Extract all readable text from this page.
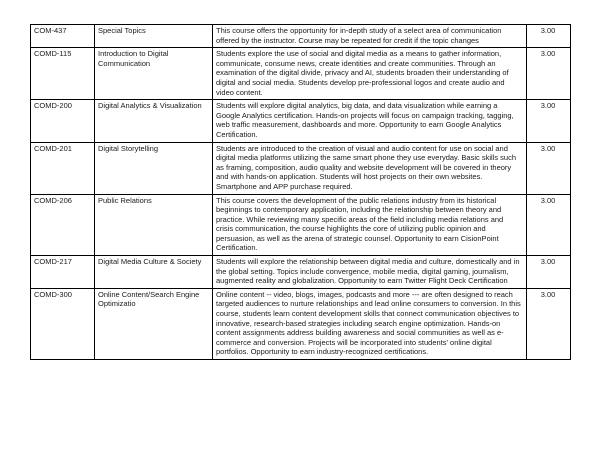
COM-437	Special Topics	This course offers the opportunity for in-depth study of a select area of communication offered by the instructor. Course may be repeated for credit if the topic changes	3.00
COMD-115	Introduction to Digital Communication	Students explore the use of social and digital media as a means to gather information, communicate, consume news, create identities and create communities. Through an examination of the digital divide, privacy and AI, students broaden their understanding of digital and social media. Students develop pre-professional logos and create audio and video content.	3.00
COMD-200	Digital Analytics & Visualization	Students will explore digital analytics, big data, and data visualization while earning a Google Analytics certification. Hands-on projects will focus on campaign tracking, tagging, web traffic measurement, dashboards and more. Opportunity to earn Google Analytics Certification.	3.00
COMD-201	Digital Storytelling	Students are introduced to the creation of visual and audio content for use on social and digital media platforms utilizing the same smart phone they use everyday. Basic skills such as framing, composition, audio quality and website development will be covered in theory and with hands-on application. Students will host projects on their own websites. Smartphone and APP purchase required.	3.00
COMD-206	Public Relations	This course covers the development of the public relations industry from its historical beginnings to contemporary application, including the relationship between theory and practice. While reviewing many specific areas of the field including media relations and crisis communication, the course highlights the core of utilizing public opinion and persuasion, as well as the arena of strategic counsel. Opportunity to earn CisionPoint Certification.	3.00
COMD-217	Digital Media Culture & Society	Students will explore the relationship between digital media and culture, domestically and in the global setting. Topics include convergence, mobile media, digital gaming, journalism, augmented reality and globalization. Opportunity to earn Twitter Flight Deck Certification	3.00
COMD-300	Online Content/Search Engine Optimizatio	Online content -- video, blogs, images, podcasts and more --- are often designed to reach targeted audiences to nurture relationships and lead online consumers to conversion. In this course, students learn content development skills that connect communication objectives to innovative, research-based strategies including search engine optimization. Hands-on content assignments address building awareness and social communities as well as e-commerce and conversion. Projects will be incorporated into students' online digital portfolios. Opportunity to earn industry-recognized certifications.	3.00
